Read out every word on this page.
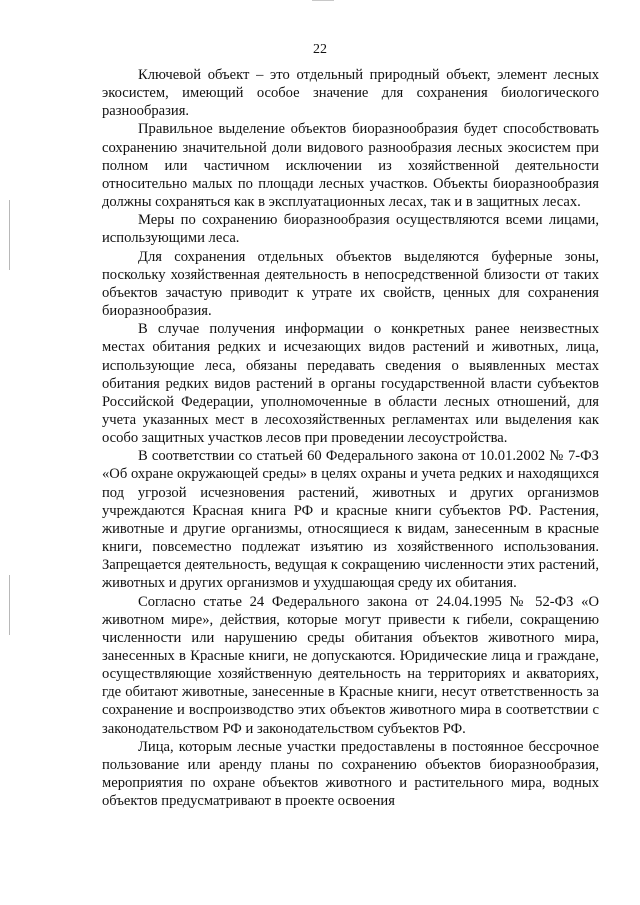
22

Ключевой объект – это отдельный природный объект, элемент лесных экосистем, имеющий особое значение для сохранения биологического разнообразия.

Правильное выделение объектов биоразнообразия будет способствовать сохранению значительной доли видового разнообразия лесных экосистем при полном или частичном исключении из хозяйственной деятельности относительно малых по площади лесных участков. Объекты биоразнообразия должны сохраняться как в эксплуатационных лесах, так и в защитных лесах.

Меры по сохранению биоразнообразия осуществляются всеми лицами, использующими леса.

Для сохранения отдельных объектов выделяются буферные зоны, поскольку хозяйственная деятельность в непосредственной близости от таких объектов зачастую приводит к утрате их свойств, ценных для сохранения биоразнообразия.

В случае получения информации о конкретных ранее неизвестных местах обитания редких и исчезающих видов растений и животных, лица, использующие леса, обязаны передавать сведения о выявленных местах обитания редких видов растений в органы государственной власти субъектов Российской Федерации, уполномоченные в области лесных отношений, для учета указанных мест в лесохозяйственных регламентах или выделения как особо защитных участков лесов при проведении лесоустройства.

В соответствии со статьей 60 Федерального закона от 10.01.2002 № 7-ФЗ «Об охране окружающей среды» в целях охраны и учета редких и находящихся под угрозой исчезновения растений, животных и других организмов учреждаются Красная книга РФ и красные книги субъектов РФ. Растения, животные и другие организмы, относящиеся к видам, занесенным в красные книги, повсеместно подлежат изъятию из хозяйственного использования. Запрещается деятельность, ведущая к сокращению численности этих растений, животных и других организмов и ухудшающая среду их обитания.

Согласно статье 24 Федерального закона от 24.04.1995 № 52-ФЗ «О животном мире», действия, которые могут привести к гибели, сокращению численности или нарушению среды обитания объектов животного мира, занесенных в Красные книги, не допускаются. Юридические лица и граждане, осуществляющие хозяйственную деятельность на территориях и акваториях, где обитают животные, занесенные в Красные книги, несут ответственность за сохранение и воспроизводство этих объектов животного мира в соответствии с законодательством РФ и законодательством субъектов РФ.

Лица, которым лесные участки предоставлены в постоянное бессрочное пользование или аренду планы по сохранению объектов биоразнообразия, мероприятия по охране объектов животного и растительного мира, водных объектов предусматривают в проекте освоения
